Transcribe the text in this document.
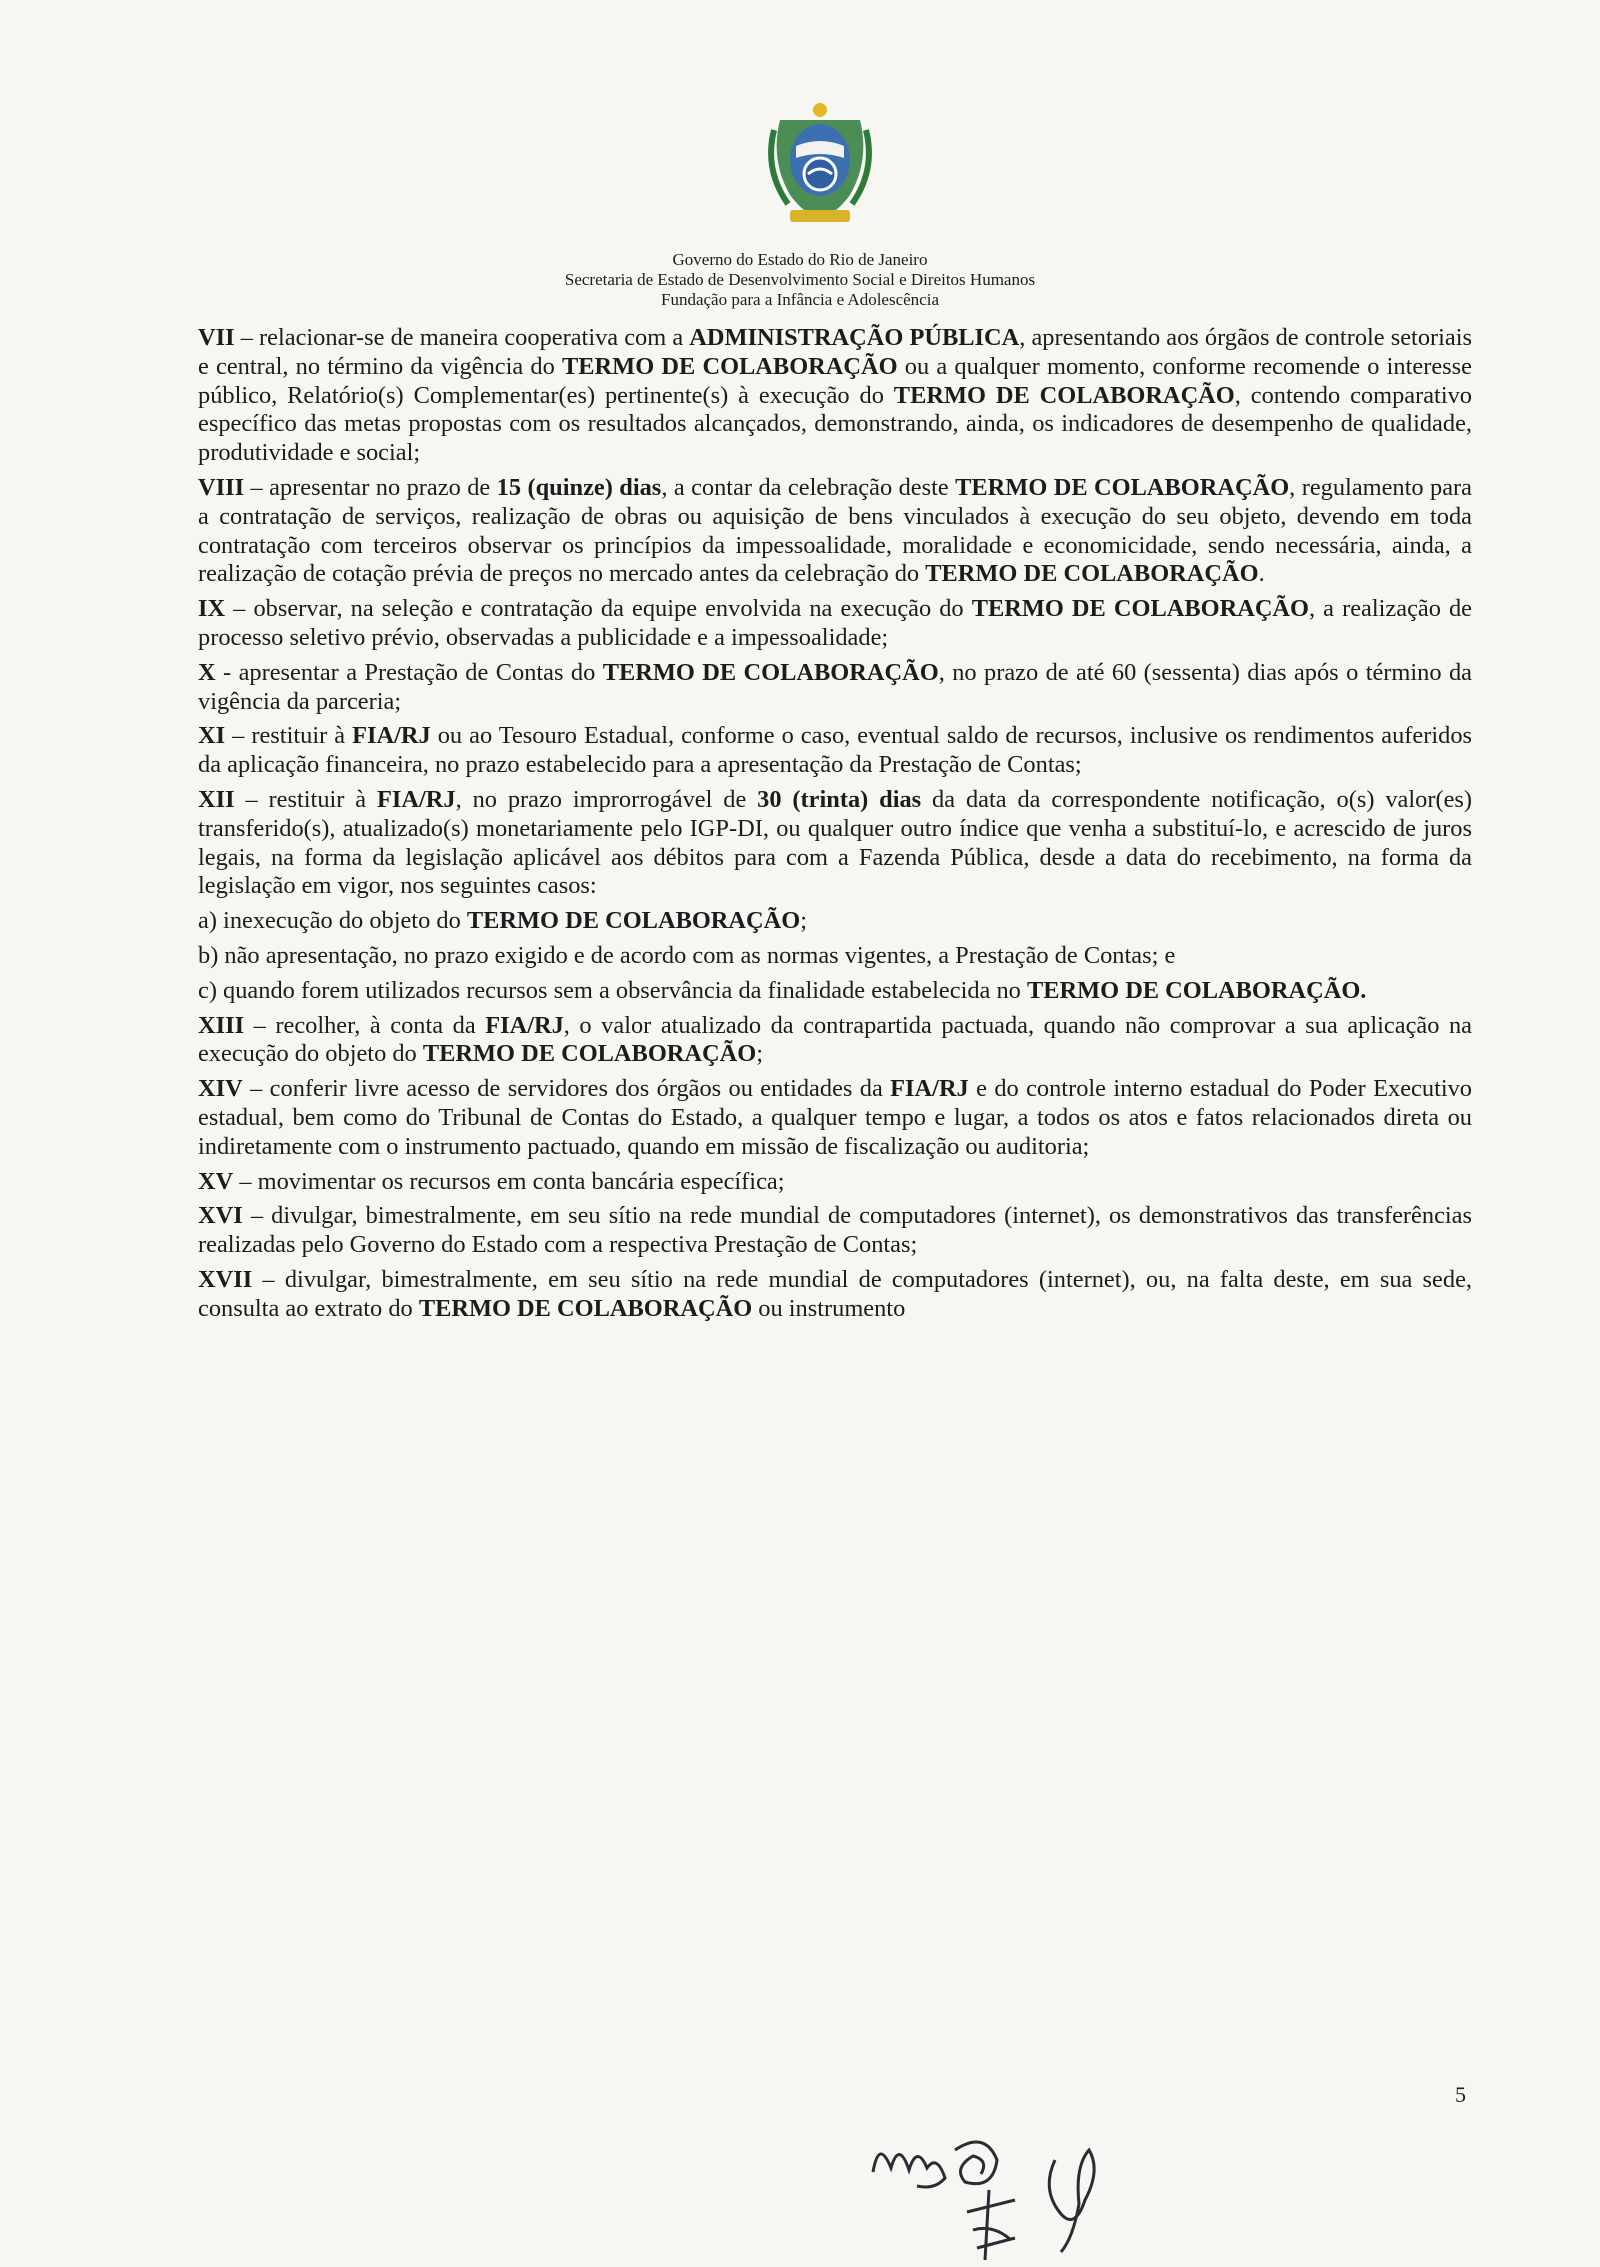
Governo do Estado do Rio de Janeiro
Secretaria de Estado de Desenvolvimento Social e Direitos Humanos
Fundação para a Infância e Adolescência

VII – relacionar-se de maneira cooperativa com a ADMINISTRAÇÃO PÚBLICA, apresentando aos órgãos de controle setoriais e central, no término da vigência do TERMO DE COLABORAÇÃO ou a qualquer momento, conforme recomende o interesse público, Relatório(s) Complementar(es) pertinente(s) à execução do TERMO DE COLABORAÇÃO, contendo comparativo específico das metas propostas com os resultados alcançados, demonstrando, ainda, os indicadores de desempenho de qualidade, produtividade e social;

VIII – apresentar no prazo de 15 (quinze) dias, a contar da celebração deste TERMO DE COLABORAÇÃO, regulamento para a contratação de serviços, realização de obras ou aquisição de bens vinculados à execução do seu objeto, devendo em toda contratação com terceiros observar os princípios da impessoalidade, moralidade e economicidade, sendo necessária, ainda, a realização de cotação prévia de preços no mercado antes da celebração do TERMO DE COLABORAÇÃO.

IX – observar, na seleção e contratação da equipe envolvida na execução do TERMO DE COLABORAÇÃO, a realização de processo seletivo prévio, observadas a publicidade e a impessoalidade;

X - apresentar a Prestação de Contas do TERMO DE COLABORAÇÃO, no prazo de até 60 (sessenta) dias após o término da vigência da parceria;

XI – restituir à FIA/RJ ou ao Tesouro Estadual, conforme o caso, eventual saldo de recursos, inclusive os rendimentos auferidos da aplicação financeira, no prazo estabelecido para a apresentação da Prestação de Contas;

XII – restituir à FIA/RJ, no prazo improrrogável de 30 (trinta) dias da data da correspondente notificação, o(s) valor(es) transferido(s), atualizado(s) monetariamente pelo IGP-DI, ou qualquer outro índice que venha a substituí-lo, e acrescido de juros legais, na forma da legislação aplicável aos débitos para com a Fazenda Pública, desde a data do recebimento, na forma da legislação em vigor, nos seguintes casos:

a) inexecução do objeto do TERMO DE COLABORAÇÃO;

b) não apresentação, no prazo exigido e de acordo com as normas vigentes, a Prestação de Contas; e

c) quando forem utilizados recursos sem a observância da finalidade estabelecida no TERMO DE COLABORAÇÃO.

XIII – recolher, à conta da FIA/RJ, o valor atualizado da contrapartida pactuada, quando não comprovar a sua aplicação na execução do objeto do TERMO DE COLABORAÇÃO;

XIV – conferir livre acesso de servidores dos órgãos ou entidades da FIA/RJ e do controle interno estadual do Poder Executivo estadual, bem como do Tribunal de Contas do Estado, a qualquer tempo e lugar, a todos os atos e fatos relacionados direta ou indiretamente com o instrumento pactuado, quando em missão de fiscalização ou auditoria;

XV – movimentar os recursos em conta bancária específica;

XVI – divulgar, bimestralmente, em seu sítio na rede mundial de computadores (internet), os demonstrativos das transferências realizadas pelo Governo do Estado com a respectiva Prestação de Contas;

XVII – divulgar, bimestralmente, em seu sítio na rede mundial de computadores (internet), ou, na falta deste, em sua sede, consulta ao extrato do TERMO DE COLABORAÇÃO ou instrumento

5
